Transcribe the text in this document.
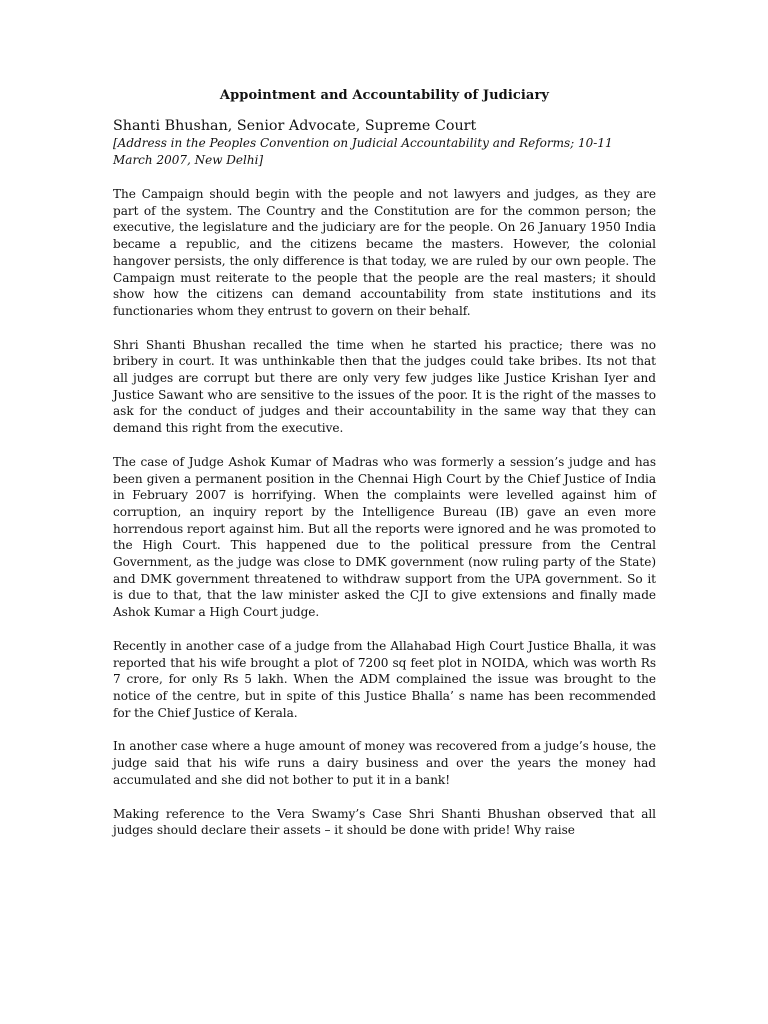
Appointment and Accountability of Judiciary

Shanti Bhushan, Senior Advocate, Supreme Court

[Address in the Peoples Convention on Judicial Accountability and Reforms; 10-11 March 2007, New Delhi]

The Campaign should begin with the people and not lawyers and judges, as they are part of the system. The Country and the Constitution are for the common person; the executive, the legislature and the judiciary are for the people. On 26 January 1950 India became a republic, and the citizens became the masters. However, the colonial hangover persists, the only difference is that today, we are ruled by our own people. The Campaign must reiterate to the people that the people are the real masters; it should show how the citizens can demand accountability from state institutions and its functionaries whom they entrust to govern on their behalf.

Shri Shanti Bhushan recalled the time when he started his practice; there was no bribery in court. It was unthinkable then that the judges could take bribes. Its not that all judges are corrupt but there are only very few judges like Justice Krishan Iyer and Justice Sawant who are sensitive to the issues of the poor. It is the right of the masses to ask for the conduct of judges and their accountability in the same way that they can demand this right from the executive.

The case of Judge Ashok Kumar of Madras who was formerly a session’s judge and has been given a permanent position in the Chennai High Court by the Chief Justice of India in February 2007 is horrifying. When the complaints were levelled against him of corruption, an inquiry report by the Intelligence Bureau (IB) gave an even more horrendous report against him. But all the reports were ignored and he was promoted to the High Court. This happened due to the political pressure from the Central Government, as the judge was close to DMK government (now ruling party of the State) and DMK government threatened to withdraw support from the UPA government. So it is due to that, that the law minister asked the CJI to give extensions and finally made Ashok Kumar a High Court judge.

Recently in another case of a judge from the Allahabad High Court Justice Bhalla, it was reported that his wife brought a plot of 7200 sq feet plot in NOIDA, which was worth Rs 7 crore, for only Rs 5 lakh. When the ADM complained the issue was brought to the notice of the centre, but in spite of this Justice Bhalla’ s name has been recommended for the Chief Justice of Kerala.

In another case where a huge amount of money was recovered from a judge’s house, the judge said that his wife runs a dairy business and over the years the money had accumulated and she did not bother to put it in a bank!

Making reference to the Vera Swamy’s Case Shri Shanti Bhushan observed that all judges should declare their assets – it should be done with pride! Why raise
